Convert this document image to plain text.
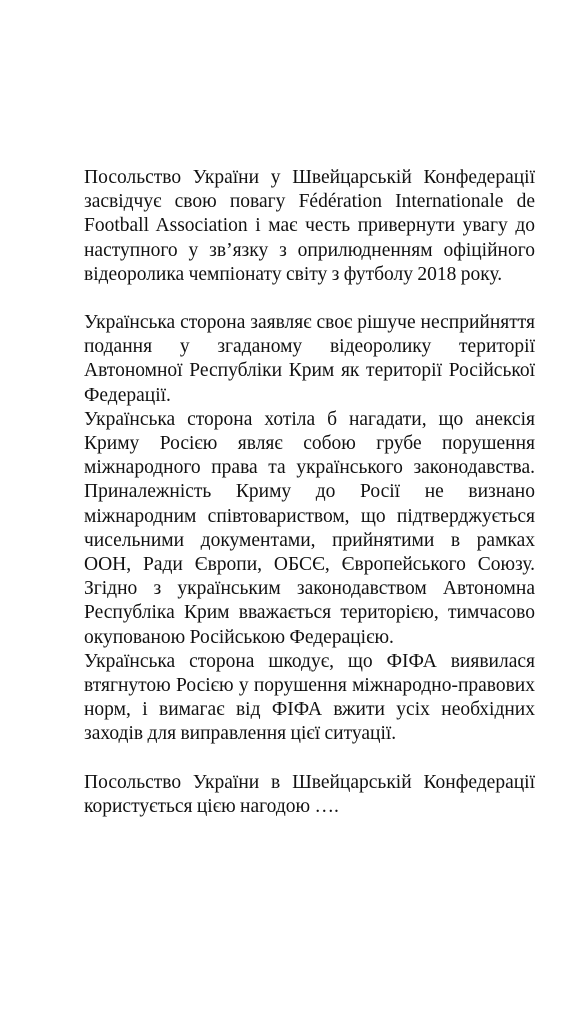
Посольство України у Швейцарській Конфедерації засвідчує свою повагу Fédération Internationale de Football Association і має честь привернути увагу до наступного у зв’язку з оприлюдненням офіційного відеоролика чемпіонату світу з футболу 2018 року.

Українська сторона заявляє своє рішуче несприйняття подання у згаданому відеоролику території Автономної Республіки Крим як території Російської Федерації.

Українська сторона хотіла б нагадати, що анексія Криму Росією являє собою грубе порушення міжнародного права та українського законодавства. Приналежність Криму до Росії не визнано міжнародним співтовариством, що підтверджується чисельними документами, прийнятими в рамках ООН, Ради Європи, ОБСЄ, Європейського Союзу. Згідно з українським законодавством Автономна Республіка Крим вважається територією, тимчасово окупованою Російською Федерацією.

Українська сторона шкодує, що ФІФА виявилася втягнутою Росією у порушення міжнародно-правових норм, і вимагає від ФІФА вжити усіх необхідних заходів для виправлення цієї ситуації.

Посольство України в Швейцарській Конфедерації користується цією нагодою ….
